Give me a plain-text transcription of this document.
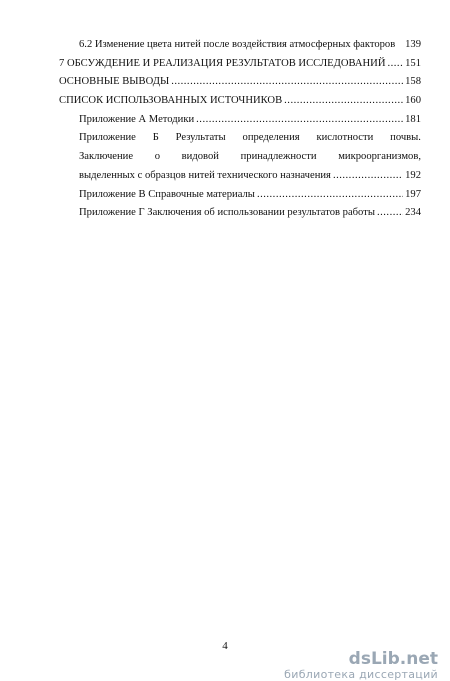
6.2 Изменение цвета нитей после воздействия атмосферных факторов 139
7 ОБСУЖДЕНИЕ И РЕАЛИЗАЦИЯ РЕЗУЛЬТАТОВ ИССЛЕДОВАНИЙ ..... 151
ОСНОВНЫЕ ВЫВОДЫ .....	158
СПИСОК ИСПОЛЬЗОВАННЫХ ИСТОЧНИКОВ .....	160
Приложение А Методики .....	181
Приложение Б Результаты определения кислотности почвы.
Заключение о видовой принадлежности микроорганизмов,
выделенных с образцов нитей технического назначения .....	192
Приложение В Справочные материалы .....	197
Приложение Г Заключения об использовании результатов работы .....	234
4
dsLib.net
библиотека диссертаций
